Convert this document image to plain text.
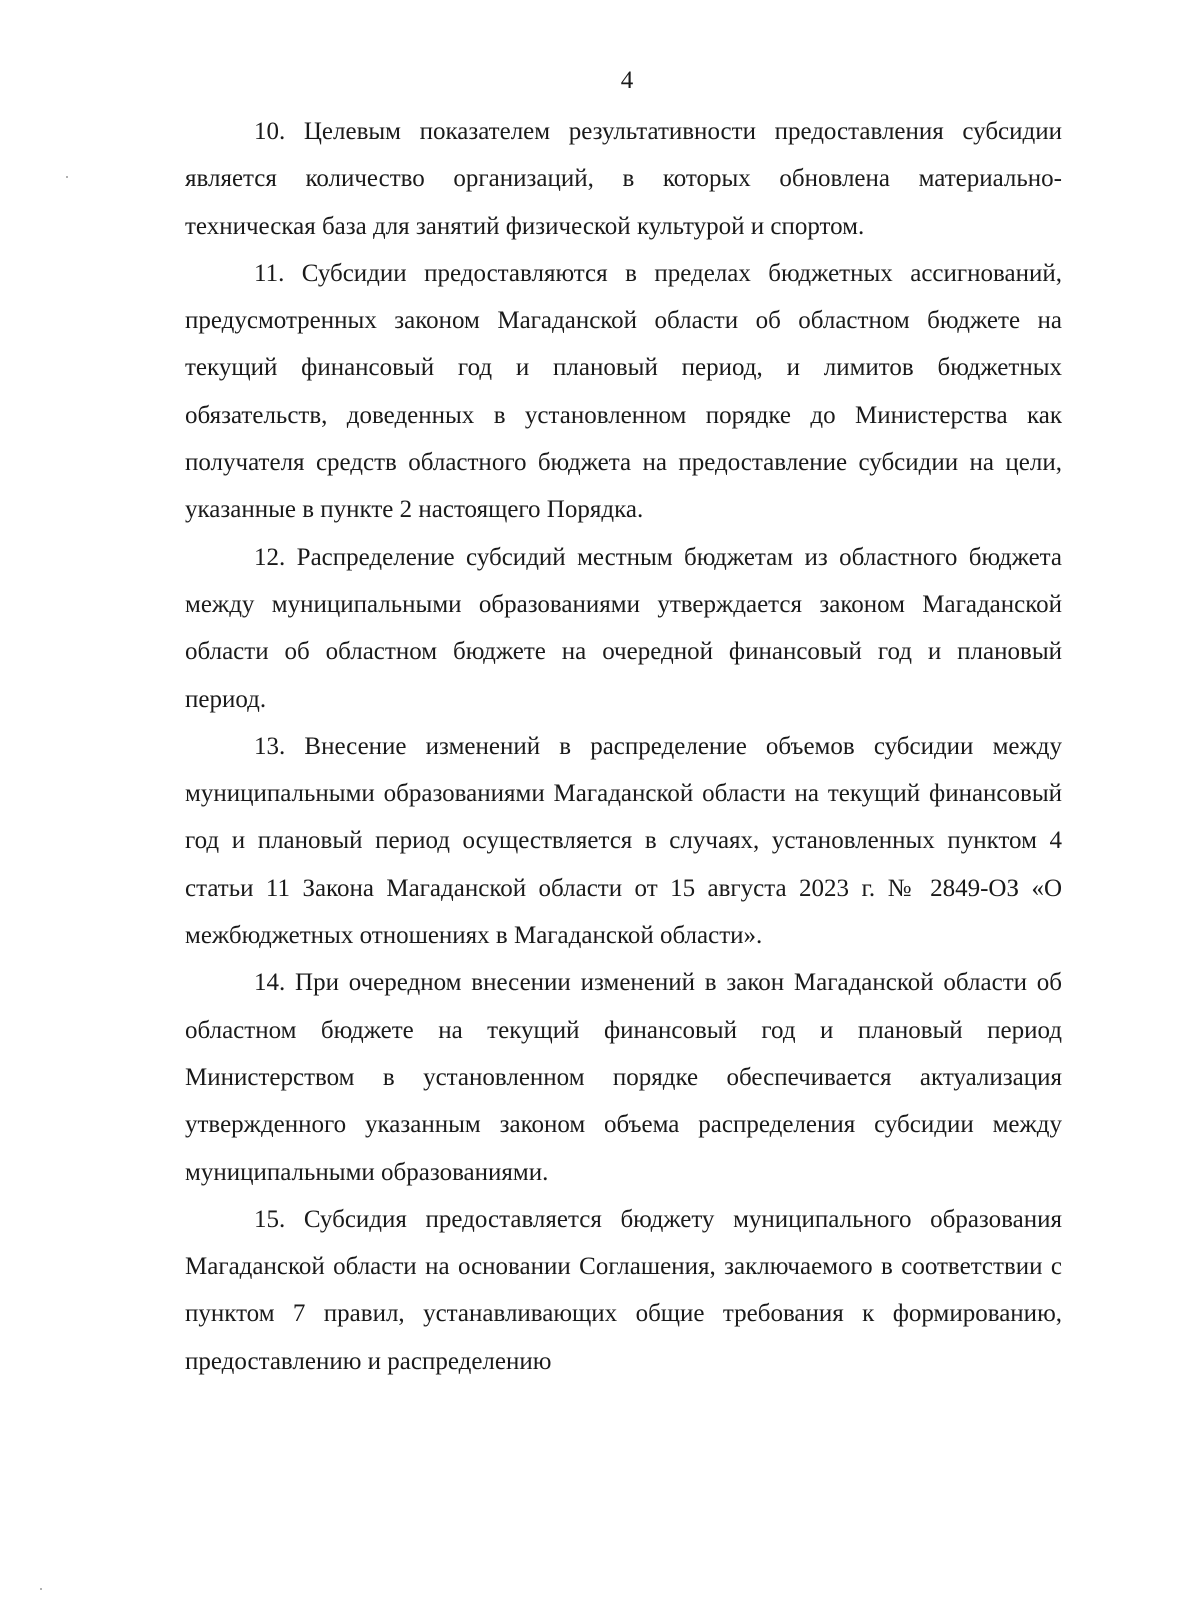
4

10. Целевым показателем результативности предоставления субсидии является количество организаций, в которых обновлена материально- техническая база для занятий физической культурой и спортом.

11. Субсидии предоставляются в пределах бюджетных ассигнований, предусмотренных законом Магаданской области об областном бюджете на текущий финансовый год и плановый период, и лимитов бюджетных обязательств, доведенных в установленном порядке до Министерства как получателя средств областного бюджета на предоставление субсидии на цели, указанные в пункте 2 настоящего Порядка.

12. Распределение субсидий местным бюджетам из областного бюджета между муниципальными образованиями утверждается законом Магаданской области об областном бюджете на очередной финансовый год и плановый период.

13. Внесение изменений в распределение объемов субсидии между муниципальными образованиями Магаданской области на текущий финансовый год и плановый период осуществляется в случаях, установленных пунктом 4 статьи 11 Закона Магаданской области от 15 августа 2023 г. № 2849-ОЗ «О межбюджетных отношениях в Магаданской области».

14. При очередном внесении изменений в закон Магаданской области об областном бюджете на текущий финансовый год и плановый период Министерством в установленном порядке обеспечивается актуализация утвержденного указанным законом объема распределения субсидии между муниципальными образованиями.

15. Субсидия предоставляется бюджету муниципального образования Магаданской области на основании Соглашения, заключаемого в соответствии с пунктом 7 правил, устанавливающих общие требования к формированию, предоставлению и распределению
